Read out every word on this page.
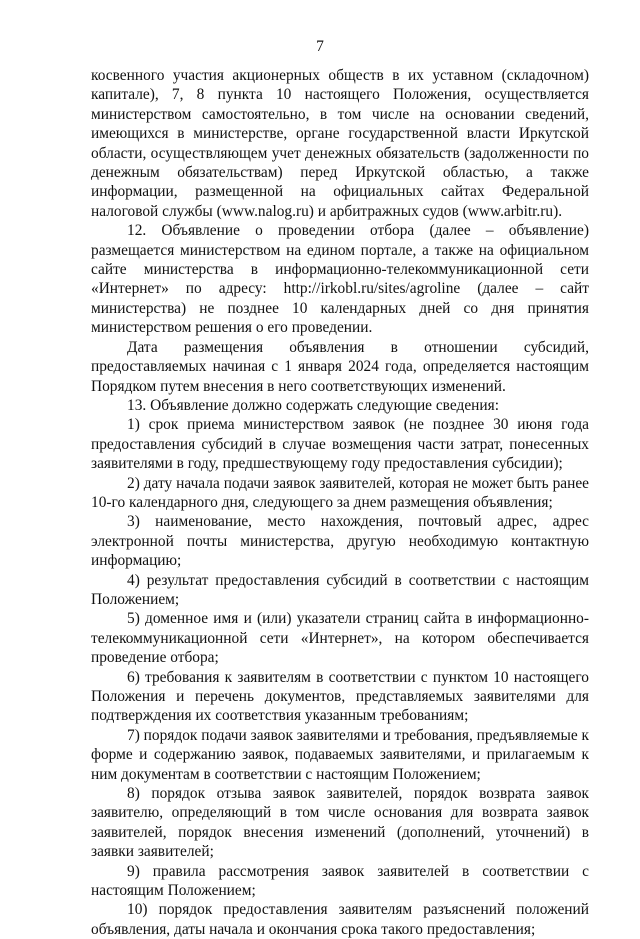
7

косвенного участия акционерных обществ в их уставном (складочном) капитале), 7, 8 пункта 10 настоящего Положения, осуществляется министерством самостоятельно, в том числе на основании сведений, имеющихся в министерстве, органе государственной власти Иркутской области, осуществляющем учет денежных обязательств (задолженности по денежным обязательствам) перед Иркутской областью, а также информации, размещенной на официальных сайтах Федеральной налоговой службы (www.nalog.ru) и арбитражных судов (www.arbitr.ru).

12. Объявление о проведении отбора (далее – объявление) размещается министерством на едином портале, а также на официальном сайте министерства в информационно-телекоммуникационной сети «Интернет» по адресу: http://irkobl.ru/sites/agroline (далее – сайт министерства) не позднее 10 календарных дней со дня принятия министерством решения о его проведении.

Дата размещения объявления в отношении субсидий, предоставляемых начиная с 1 января 2024 года, определяется настоящим Порядком путем внесения в него соответствующих изменений.

13. Объявление должно содержать следующие сведения:

1) срок приема министерством заявок (не позднее 30 июня года предоставления субсидий в случае возмещения части затрат, понесенных заявителями в году, предшествующему году предоставления субсидии);

2) дату начала подачи заявок заявителей, которая не может быть ранее 10-го календарного дня, следующего за днем размещения объявления;

3) наименование, место нахождения, почтовый адрес, адрес электронной почты министерства, другую необходимую контактную информацию;

4) результат предоставления субсидий в соответствии с настоящим Положением;

5) доменное имя и (или) указатели страниц сайта в информационно-телекоммуникационной сети «Интернет», на котором обеспечивается проведение отбора;

6) требования к заявителям в соответствии с пунктом 10 настоящего Положения и перечень документов, представляемых заявителями для подтверждения их соответствия указанным требованиям;

7) порядок подачи заявок заявителями и требования, предъявляемые к форме и содержанию заявок, подаваемых заявителями, и прилагаемым к ним документам в соответствии с настоящим Положением;

8) порядок отзыва заявок заявителей, порядок возврата заявок заявителю, определяющий в том числе основания для возврата заявок заявителей, порядок внесения изменений (дополнений, уточнений) в заявки заявителей;

9) правила рассмотрения заявок заявителей в соответствии с настоящим Положением;

10) порядок предоставления заявителям разъяснений положений объявления, даты начала и окончания срока такого предоставления;
